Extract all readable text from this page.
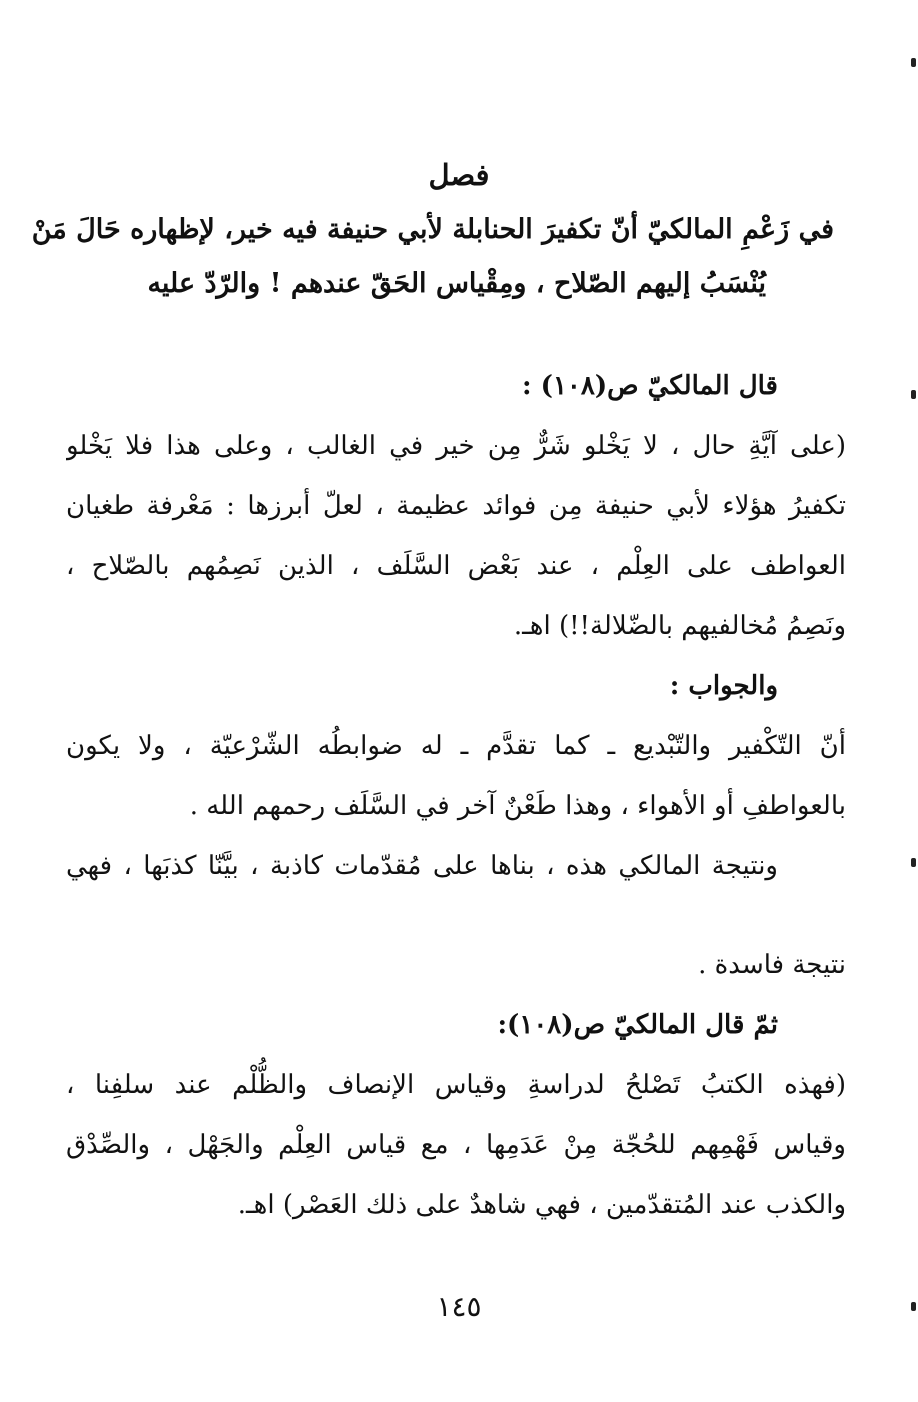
فصل
في زَعْمِ المالكيّ أنّ تكفيرَ الحنابلة لأبي حنيفة فيه خير، لإظهاره حَالَ مَنْ
يُنْسَبُ إليهم الصّلاح ، ومِقْياس الحَقّ عندهم ! والرّدّ عليه
قال المالكيّ ص(١٠٨) :
(على آيَّةِ حال ، لا يَخْلو شَرٌّ مِن خير في الغالب ، وعلى هذا فلا يَخْلو
تكفيرُ هؤلاء لأبي حنيفة مِن فوائد عظيمة ، لعلّ أبرزها : مَعْرفة طغيان
العواطف على العِلْم ، عند بَعْض السَّلَف ، الذين نَصِمُهم بالصّلاح ،
ونَصِمُ مُخالفيهم بالضّلالة!!) اهـ.
والجواب :
أنّ التّكْفير والتّبْديع ـ كما تقدَّم ـ له ضوابطُه الشّرْعيّة ، ولا يكون
بالعواطفِ أو الأهواء ، وهذا طَعْنٌ آخر في السَّلَف رحمهم الله .
ونتيجة المالكي هذه ، بناها على مُقدّمات كاذبة ، بيَّنّا كذبَها ، فهي
نتيجة فاسدة .
ثمّ قال المالكيّ ص(١٠٨):
(فهذه الكتبُ تَصْلحُ لدراسةِ وقياس الإنصاف والظُّلْم عند سلفِنا ،
وقياس فَهْمِهم للحُجّة مِنْ عَدَمِها ، مع قياس العِلْم والجَهْل ، والصِّدْق
والكذب عند المُتقدّمين ، فهي شاهدٌ على ذلك العَصْر) اهـ.
١٤٥
